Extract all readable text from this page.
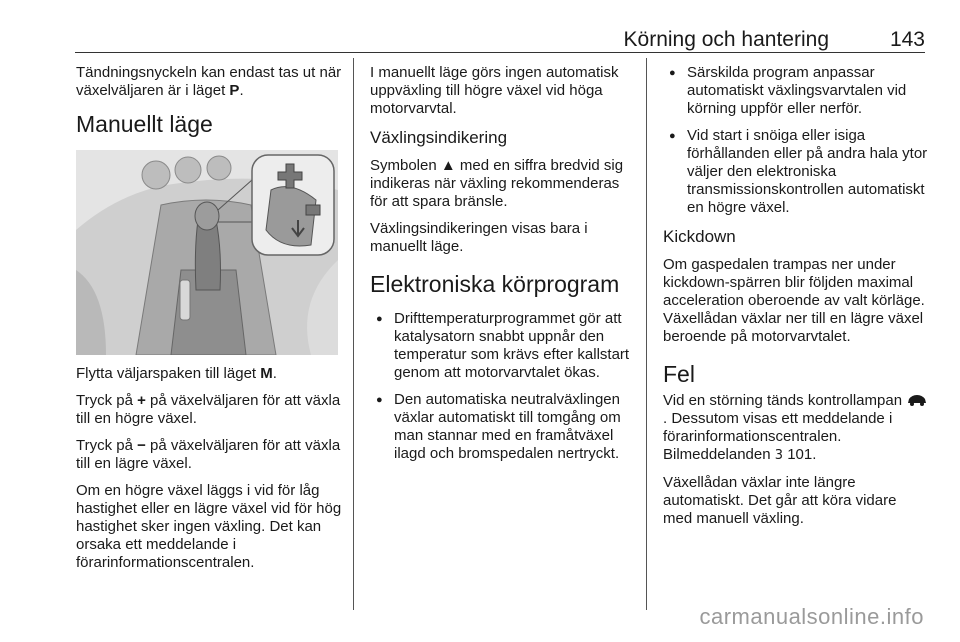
Körning och hantering	143

Tändningsnyckeln kan endast tas ut när växelväljaren är i läget P.

Manuellt läge

Flytta väljarspaken till läget M.

Tryck på + på växelväljaren för att växla till en högre växel.

Tryck på − på växelväljaren för att växla till en lägre växel.

Om en högre växel läggs i vid för låg hastighet eller en lägre växel vid för hög hastighet sker ingen växling. Det kan orsaka ett meddelande i förarinformationscentralen.

I manuellt läge görs ingen automatisk uppväxling till högre växel vid höga motorvarvtal.

Växlingsindikering

Symbolen ▲ med en siffra bredvid sig indikeras när växling rekommenderas för att spara bränsle.

Växlingsindikeringen visas bara i manuellt läge.

Elektroniska körprogram
● Drifttemperaturprogrammet gör att katalysatorn snabbt uppnår den temperatur som krävs efter kallstart genom att motorvarvtalet ökas.
● Den automatiska neutralväxlingen växlar automatiskt till tomgång om man stannar med en framåtväxel ilagd och bromspedalen nertryckt.
● Särskilda program anpassar automatiskt växlingsvarvtalen vid körning uppför eller nerför.
● Vid start i snöiga eller isiga förhållanden eller på andra hala ytor väljer den elektroniska transmissionskontrollen automatiskt en högre växel.
Kickdown

Om gaspedalen trampas ner under kickdown-spärren blir följden maximal acceleration oberoende av valt körläge. Växellådan växlar ner till en lägre växel beroende på motorvarvtalet.

Fel

Vid en störning tänds kontrollampan . Dessutom visas ett meddelande i förarinformationscentralen. Bilmeddelanden 3 101.

Växellådan växlar inte längre automatiskt. Det går att köra vidare med manuell växling.

carmanualsonline.info
